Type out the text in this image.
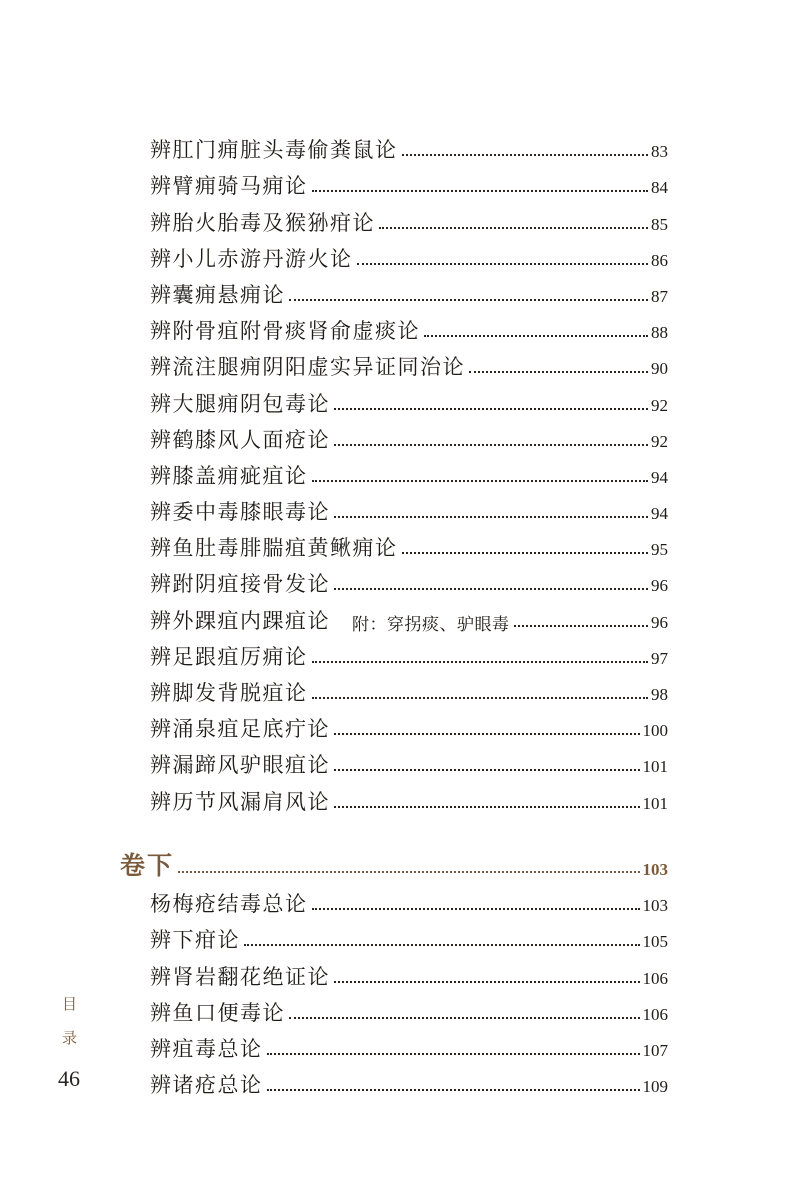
辨肛门痈脏头毒偷粪鼠论	83
辨臂痈骑马痈论	84
辨胎火胎毒及猴狲疳论	85
辨小儿赤游丹游火论	86
辨囊痈悬痈论	87
辨附骨疽附骨痰肾俞虚痰论	88
辨流注腿痈阴阳虚实异证同治论	90
辨大腿痈阴包毒论	92
辨鹤膝风人面疮论	92
辨膝盖痈疵疽论	94
辨委中毒膝眼毒论	94
辨鱼肚毒腓腨疽黄鳅痈论	95
辨跗阴疽接骨发论	96
辨外踝疽内踝疽论 附：穿拐痰、驴眼毒	96
辨足跟疽厉痈论	97
辨脚发背脱疽论	98
辨涌泉疽足底疔论	100
辨漏蹄风驴眼疽论	101
辨历节风漏肩风论	101
卷下	103
杨梅疮结毒总论	103
辨下疳论	105
辨肾岩翻花绝证论	106
辨鱼口便毒论	106
辨疽毒总论	107
辨诸疮总论	109
目
录
46
